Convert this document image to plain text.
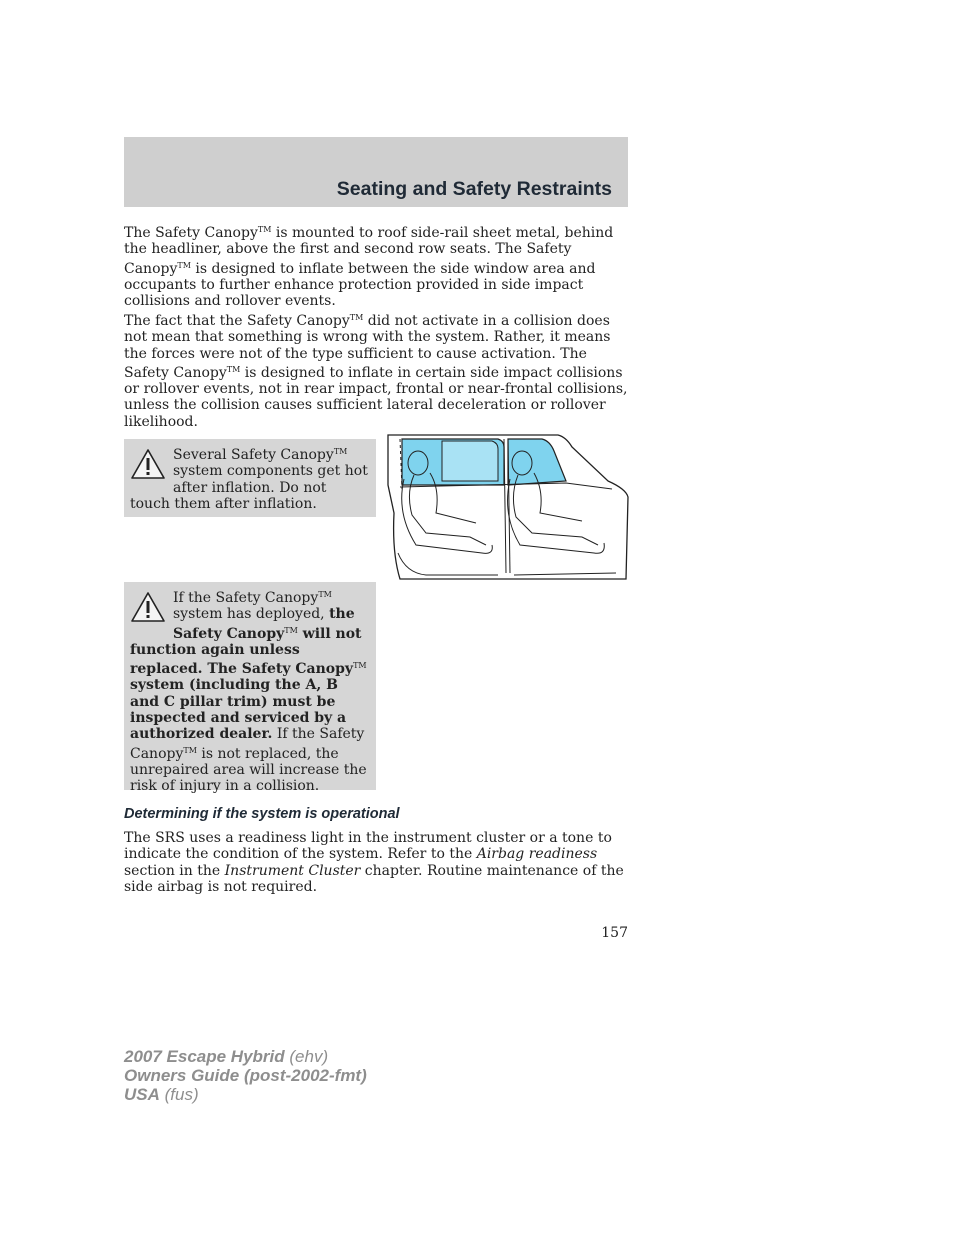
Seating and Safety Restraints

The Safety Canopy™ is mounted to roof side-rail sheet metal, behind the headliner, above the first and second row seats. The Safety Canopy™ is designed to inflate between the side window area and occupants to further enhance protection provided in side impact collisions and rollover events.

The fact that the Safety Canopy™ did not activate in a collision does not mean that something is wrong with the system. Rather, it means the forces were not of the type sufficient to cause activation. The Safety Canopy™ is designed to inflate in certain side impact collisions or rollover events, not in rear impact, frontal or near-frontal collisions, unless the collision causes sufficient lateral deceleration or rollover likelihood.

Several Safety Canopy™ system components get hot after inflation. Do not touch them after inflation.
If the Safety Canopy™ system has deployed, the Safety Canopy™ will not function again unless replaced. The Safety Canopy™ system (including the A, B and C pillar trim) must be inspected and serviced by a authorized dealer. If the Safety Canopy™ is not replaced, the unrepaired area will increase the risk of injury in a collision.
Determining if the system is operational

The SRS uses a readiness light in the instrument cluster or a tone to indicate the condition of the system. Refer to the Airbag readiness section in the Instrument Cluster chapter. Routine maintenance of the side airbag is not required.

157
2007 Escape Hybrid (ehv)
Owners Guide (post-2002-fmt)
USA (fus)
